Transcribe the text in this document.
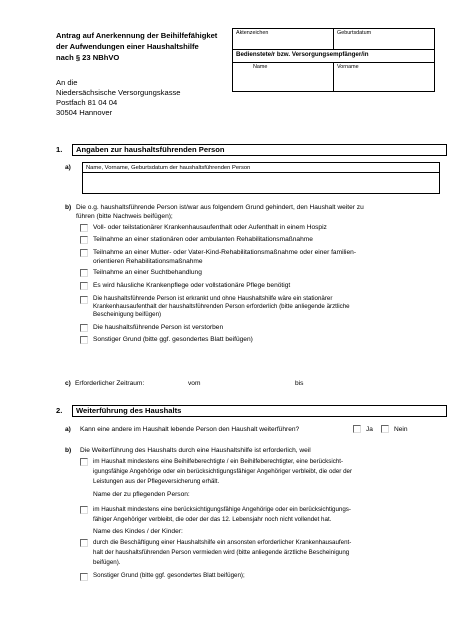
Antrag auf Anerkennung der Beihilfefähigket
der Aufwendungen einer Haushaltshilfe
nach § 23 NBhVO
Aktenzeichen	Geburtsdatum
Bedienstete/r bzw. Versorgungsempfänger/in
Name	Vorname
An die
Niedersächsische Versorgungskasse
Postfach 81 04 04
30504 Hannover
1.	Angaben zur haushaltsführenden Person
a)	Name, Vorname, Geburtsdatum der haushaltsführenden Person
b) Die o.g. haushaltsführende Person ist/war aus folgendem Grund gehindert, den Haushalt weiter zu
führen (bitte Nachweis beifügen);
Voll- oder teilstationärer Krankenhausaufenthalt oder Aufenthalt in einem Hospiz
Teilnahme an einer stationären oder ambulanten Rehabilitationsmaßnahme
Teilnahme an einer Mutter- oder Vater-Kind-Rehabilitationsmaßnahme oder einer familien-
orientieren Rehabilitationsmaßnahme
Teilnahme an einer Suchtbehandlung
Es wird häusliche Krankenpflege oder vollstationäre Pflege benötigt
Die haushaltsführende Person ist erkrankt und ohne Haushaltshilfe wäre ein stationärer
Krankenhausaufenthalt der haushaltsführenden Person erforderlich (bitte anliegende ärztliche
Bescheinigung beifügen)
Die haushaltsführende Person ist verstorben
Sonstiger Grund (bitte ggf. gesondertes Blatt beifügen)
c) Erforderlicher Zeitraum:	vom	bis
2.	Weiterführung des Haushalts
a) Kann eine andere im Haushalt lebende Person den Haushalt weiterführen?	Ja	Nein
b) Die Weiterführung des Haushalts durch eine Haushaltshilfe ist erforderlich, weil
im Haushalt mindestens eine Beihilfeberechtigte / ein Beihilfeberechtigter, eine berücksicht-
igungsfähige Angehörige oder ein berücksichtigungsfähiger Angehöriger verbleibt, die oder der
Leistungen aus der Pflegeversicherung erhält.
Name der zu pflegenden Person:
im Haushalt mindestens eine berücksichtigungsfähige Angehörige oder ein berücksichtigungs-
fähiger Angehöriger verbleibt, die oder der das 12. Lebensjahr noch nicht vollendet hat.
Name des Kindes / der Kinder:
durch die Beschäftigung einer Haushaltshilfe ein ansonsten erforderlicher Krankenhausaufent-
halt der haushaltsführenden Person vermieden wird (bitte anliegende ärztliche Bescheinigung
beifügen).
Sonstiger Grund (bitte ggf. gesondertes Blatt beifügen);
